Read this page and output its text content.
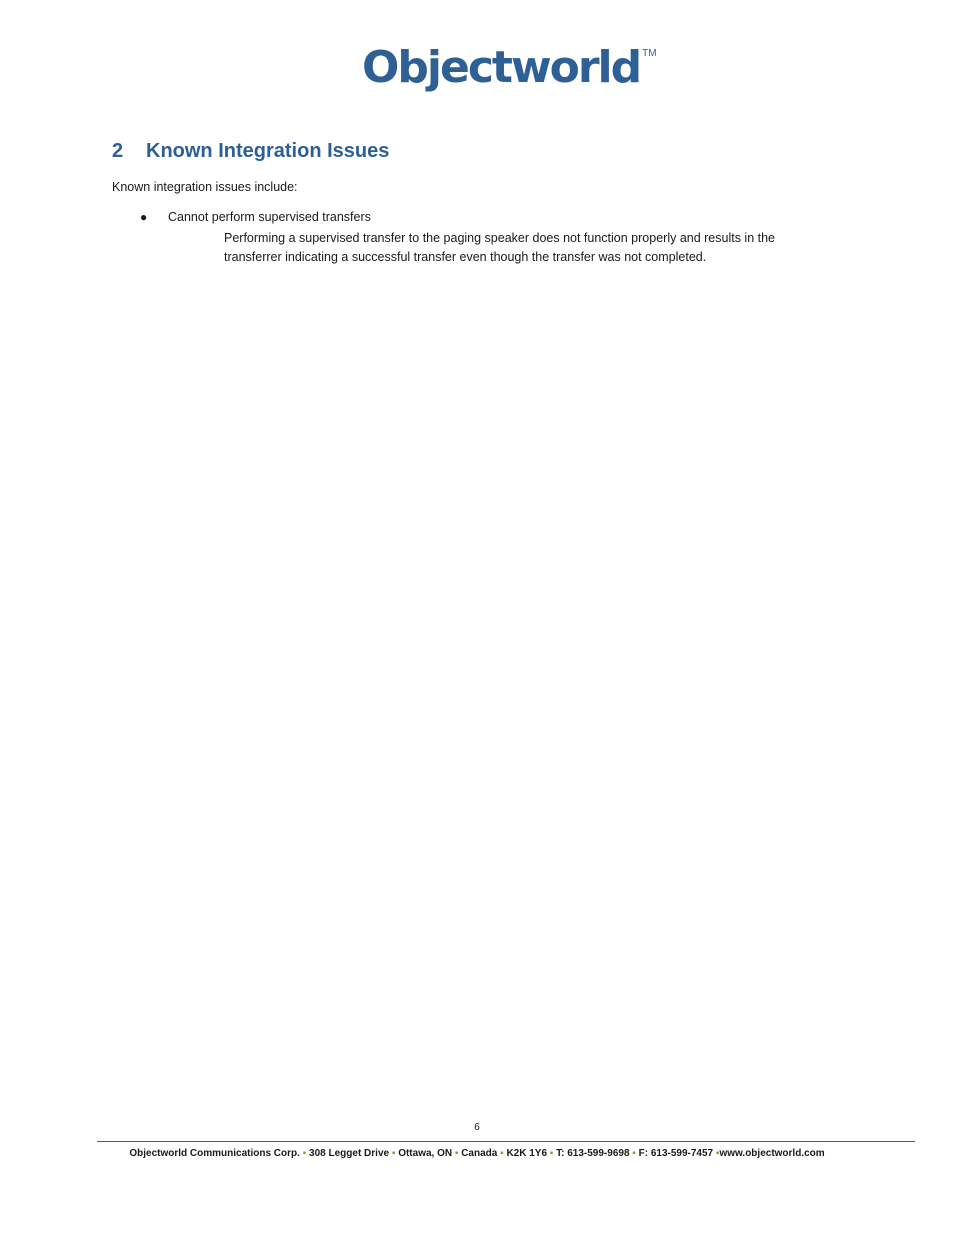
Objectworld TM
2	Known Integration Issues
Known integration issues include:
●	Cannot perform supervised transfers
Performing a supervised transfer to the paging speaker does not function properly and results in the transferrer indicating a successful transfer even though the transfer was not completed.
6
Objectworld Communications Corp. ▪ 308 Legget Drive ▪ Ottawa, ON ▪ Canada ▪ K2K 1Y6 ▪ T: 613-599-9698 ▪ F: 613-599-7457 ▪www.objectworld.com
